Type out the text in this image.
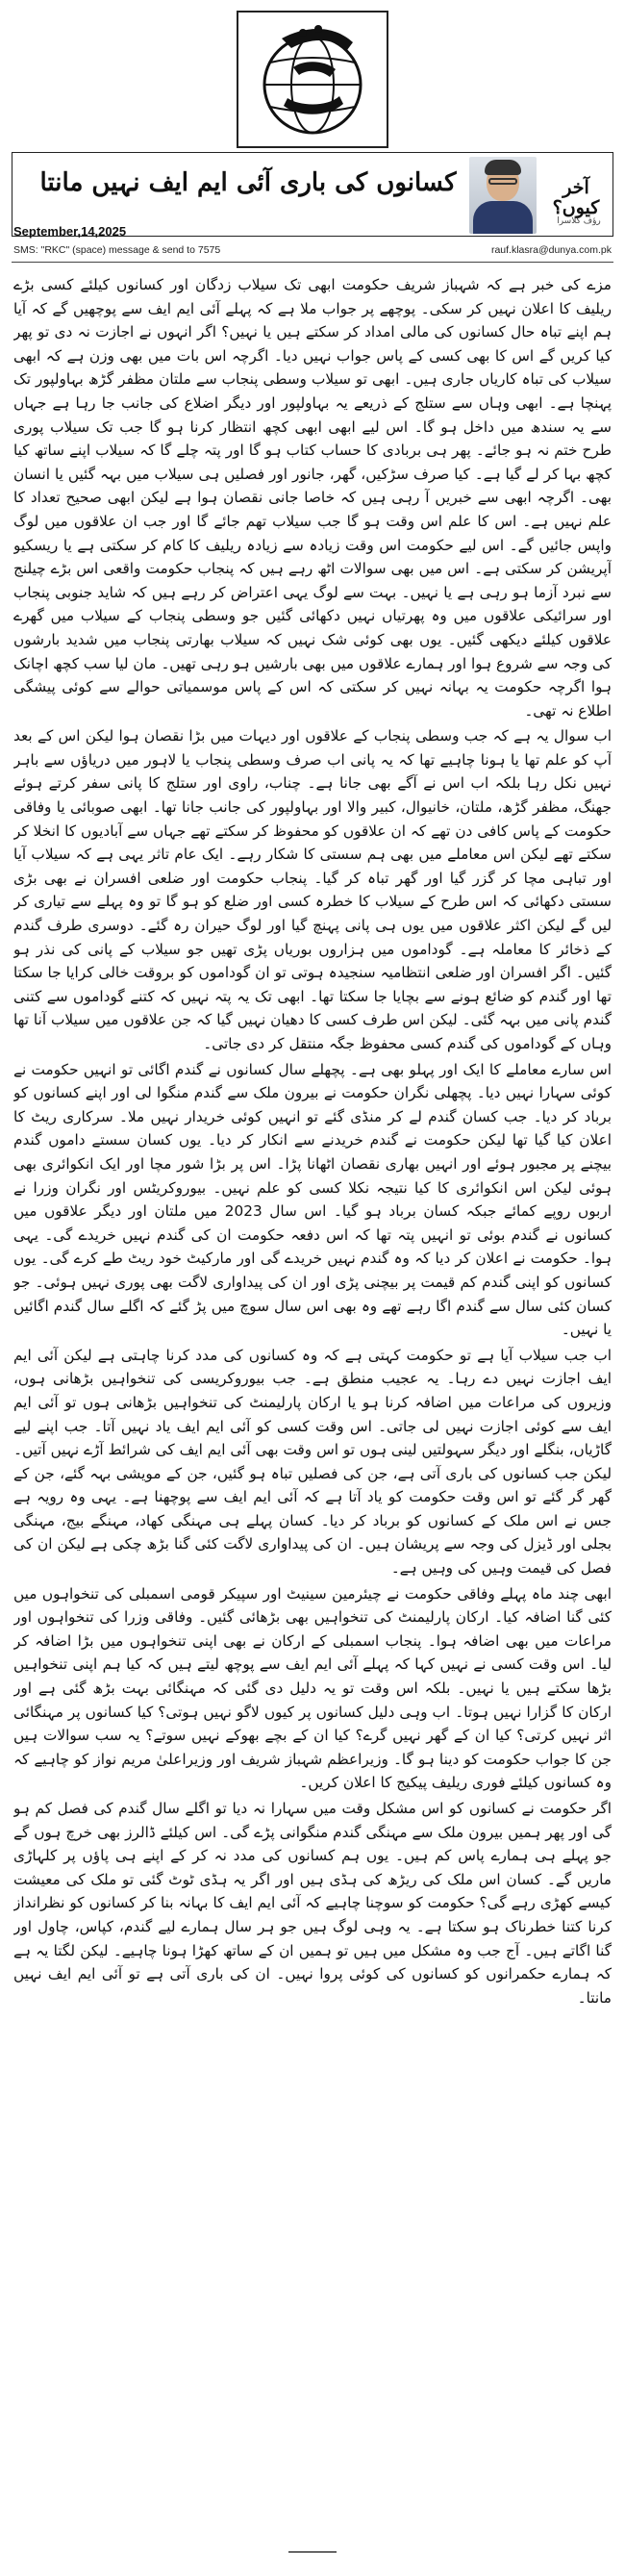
کسانوں کی باری آئی ایم ایف نہیں مانتا	آخر کیوں؟
رؤف کلاسرا
September,14,2025
SMS: "RKC" (space) message & send to 7575	rauf.klasra@dunya.com.pk

مزے کی خبر ہے کہ شہباز شریف حکومت ابھی تک سیلاب زدگان اور کسانوں کیلئے کسی بڑے ریلیف کا اعلان نہیں کر سکی۔ پوچھے پر جواب ملا ہے کہ پہلے آئی ایم ایف سے پوچھیں گے کہ آیا ہم اپنے تباہ حال کسانوں کی مالی امداد کر سکتے ہیں یا نہیں؟ اگر انہوں نے اجازت نہ دی تو پھر کیا کریں گے اس کا بھی کسی کے پاس جواب نہیں دیا۔ اگرچہ اس بات میں بھی وزن ہے کہ ابھی سیلاب کی تباہ کاریاں جاری ہیں۔ ابھی تو سیلاب وسطی پنجاب سے ملتان مظفر گڑھ بہاولپور تک پہنچا ہے۔ ابھی وہاں سے ستلج کے ذریعے یہ بہاولپور اور دیگر اضلاع کی جانب جا رہا ہے جہاں سے یہ سندھ میں داخل ہو گا۔ اس لیے ابھی ابھی کچھ انتظار کرنا ہو گا جب تک سیلاب پوری طرح ختم نہ ہو جائے۔ پھر ہی بربادی کا حساب کتاب ہو گا اور پتہ چلے گا کہ سیلاب اپنے ساتھ کیا کچھ بہا کر لے گیا ہے۔ کیا صرف سڑکیں، گھر، جانور اور فصلیں ہی سیلاب میں بہہ گئیں یا انسان بھی۔ اگرچہ ابھی سے خبریں آ رہی ہیں کہ خاصا جانی نقصان ہوا ہے لیکن ابھی صحیح تعداد کا علم نہیں ہے۔ اس کا علم اس وقت ہو گا جب سیلاب تھم جائے گا اور جب ان علاقوں میں لوگ واپس جائیں گے۔ اس لیے حکومت اس وقت زیادہ سے زیادہ ریلیف کا کام کر سکتی ہے یا ریسکیو آپریشن کر سکتی ہے۔ اس میں بھی سوالات اٹھ رہے ہیں کہ پنجاب حکومت واقعی اس بڑے چیلنج سے نبرد آزما ہو رہی ہے یا نہیں۔ بہت سے لوگ یہی اعتراض کر رہے ہیں کہ شاید جنوبی پنجاب اور سرائیکی علاقوں میں وہ پھرتیاں نہیں دکھائی گئیں جو وسطی پنجاب کے سیلاب میں گھرے علاقوں کیلئے دیکھی گئیں۔ یوں بھی کوئی شک نہیں کہ سیلاب بھارتی پنجاب میں شدید بارشوں کی وجہ سے شروع ہوا اور ہمارے علاقوں میں بھی بارشیں ہو رہی تھیں۔ مان لیا سب کچھ اچانک ہوا اگرچہ حکومت یہ بہانہ نہیں کر سکتی کہ اس کے پاس موسمیاتی حوالے سے کوئی پیشگی اطلاع نہ تھی۔

اب سوال یہ ہے کہ جب وسطی پنجاب کے علاقوں اور دیہات میں بڑا نقصان ہوا لیکن اس کے بعد آپ کو علم تھا یا ہونا چاہیے تھا کہ یہ پانی اب صرف وسطی پنجاب یا لاہور میں دریاؤں سے باہر نہیں نکل رہا بلکہ اب اس نے آگے بھی جانا ہے۔ چناب، راوی اور ستلج کا پانی سفر کرتے ہوئے جھنگ، مظفر گڑھ، ملتان، خانیوال، کبیر والا اور بہاولپور کی جانب جانا تھا۔ ابھی صوبائی یا وفاقی حکومت کے پاس کافی دن تھے کہ ان علاقوں کو محفوظ کر سکتے تھے جہاں سے آبادیوں کا انخلا کر سکتے تھے لیکن اس معاملے میں بھی ہم سستی کا شکار رہے۔ ایک عام تاثر یہی ہے کہ سیلاب آیا اور تباہی مچا کر گزر گیا اور گھر تباہ کر گیا۔ پنجاب حکومت اور ضلعی افسران نے بھی بڑی سستی دکھائی کہ اس طرح کے سیلاب کا خطرہ کسی اور ضلع کو ہو گا تو وہ پہلے سے تیاری کر لیں گے لیکن اکثر علاقوں میں یوں ہی پانی پہنچ گیا اور لوگ حیران رہ گئے۔ دوسری طرف گندم کے ذخائر کا معاملہ ہے۔ گوداموں میں ہزاروں بوریاں پڑی تھیں جو سیلاب کے پانی کی نذر ہو گئیں۔ اگر افسران اور ضلعی انتظامیہ سنجیدہ ہوتی تو ان گوداموں کو بروقت خالی کرایا جا سکتا تھا اور گندم کو ضائع ہونے سے بچایا جا سکتا تھا۔ ابھی تک یہ پتہ نہیں کہ کتنے گوداموں سے کتنی گندم پانی میں بہہ گئی۔ لیکن اس طرف کسی کا دھیان نہیں گیا کہ جن علاقوں میں سیلاب آنا تھا وہاں کے گوداموں کی گندم کسی محفوظ جگہ منتقل کر دی جاتی۔

اس سارے معاملے کا ایک اور پہلو بھی ہے۔ پچھلے سال کسانوں نے گندم اگائی تو انہیں حکومت نے کوئی سہارا نہیں دیا۔ پچھلی نگران حکومت نے بیرون ملک سے گندم منگوا لی اور اپنے کسانوں کو برباد کر دیا۔ جب کسان گندم لے کر منڈی گئے تو انہیں کوئی خریدار نہیں ملا۔ سرکاری ریٹ کا اعلان کیا گیا تھا لیکن حکومت نے گندم خریدنے سے انکار کر دیا۔ یوں کسان سستے داموں گندم بیچنے پر مجبور ہوئے اور انہیں بھاری نقصان اٹھانا پڑا۔ اس پر بڑا شور مچا اور ایک انکوائری بھی ہوئی لیکن اس انکوائری کا کیا نتیجہ نکلا کسی کو علم نہیں۔ بیوروکریٹس اور نگران وزرا نے اربوں روپے کمائے جبکہ کسان برباد ہو گیا۔ اس سال 2023 میں ملتان اور دیگر علاقوں میں کسانوں نے گندم بوئی تو انہیں پتہ تھا کہ اس دفعہ حکومت ان کی گندم نہیں خریدے گی۔ یہی ہوا۔ حکومت نے اعلان کر دیا کہ وہ گندم نہیں خریدے گی اور مارکیٹ خود ریٹ طے کرے گی۔ یوں کسانوں کو اپنی گندم کم قیمت پر بیچنی پڑی اور ان کی پیداواری لاگت بھی پوری نہیں ہوئی۔ جو کسان کئی سال سے گندم اگا رہے تھے وہ بھی اس سال سوچ میں پڑ گئے کہ اگلے سال گندم اگائیں یا نہیں۔

اب جب سیلاب آیا ہے تو حکومت کہتی ہے کہ وہ کسانوں کی مدد کرنا چاہتی ہے لیکن آئی ایم ایف اجازت نہیں دے رہا۔ یہ عجیب منطق ہے۔ جب بیوروکریسی کی تنخواہیں بڑھانی ہوں، وزیروں کی مراعات میں اضافہ کرنا ہو یا ارکان پارلیمنٹ کی تنخواہیں بڑھانی ہوں تو آئی ایم ایف سے کوئی اجازت نہیں لی جاتی۔ اس وقت کسی کو آئی ایم ایف یاد نہیں آتا۔ جب اپنے لیے گاڑیاں، بنگلے اور دیگر سہولتیں لینی ہوں تو اس وقت بھی آئی ایم ایف کی شرائط آڑے نہیں آتیں۔ لیکن جب کسانوں کی باری آتی ہے، جن کی فصلیں تباہ ہو گئیں، جن کے مویشی بہہ گئے، جن کے گھر گر گئے تو اس وقت حکومت کو یاد آتا ہے کہ آئی ایم ایف سے پوچھنا ہے۔ یہی وہ رویہ ہے جس نے اس ملک کے کسانوں کو برباد کر دیا۔ کسان پہلے ہی مہنگی کھاد، مہنگے بیج، مہنگی بجلی اور ڈیزل کی وجہ سے پریشان ہیں۔ ان کی پیداواری لاگت کئی گنا بڑھ چکی ہے لیکن ان کی فصل کی قیمت وہیں کی وہیں ہے۔

ابھی چند ماہ پہلے وفاقی حکومت نے چیئرمین سینیٹ اور سپیکر قومی اسمبلی کی تنخواہوں میں کئی گنا اضافہ کیا۔ ارکان پارلیمنٹ کی تنخواہیں بھی بڑھائی گئیں۔ وفاقی وزرا کی تنخواہوں اور مراعات میں بھی اضافہ ہوا۔ پنجاب اسمبلی کے ارکان نے بھی اپنی تنخواہوں میں بڑا اضافہ کر لیا۔ اس وقت کسی نے نہیں کہا کہ پہلے آئی ایم ایف سے پوچھ لیتے ہیں کہ کیا ہم اپنی تنخواہیں بڑھا سکتے ہیں یا نہیں۔ بلکہ اس وقت تو یہ دلیل دی گئی کہ مہنگائی بہت بڑھ گئی ہے اور ارکان کا گزارا نہیں ہوتا۔ اب وہی دلیل کسانوں پر کیوں لاگو نہیں ہوتی؟ کیا کسانوں پر مہنگائی اثر نہیں کرتی؟ کیا ان کے گھر نہیں گرے؟ کیا ان کے بچے بھوکے نہیں سوتے؟ یہ سب سوالات ہیں جن کا جواب حکومت کو دینا ہو گا۔ وزیراعظم شہباز شریف اور وزیراعلیٰ مریم نواز کو چاہیے کہ وہ کسانوں کیلئے فوری ریلیف پیکیج کا اعلان کریں۔

اگر حکومت نے کسانوں کو اس مشکل وقت میں سہارا نہ دیا تو اگلے سال گندم کی فصل کم ہو گی اور پھر ہمیں بیرون ملک سے مہنگی گندم منگوانی پڑے گی۔ اس کیلئے ڈالرز بھی خرچ ہوں گے جو پہلے ہی ہمارے پاس کم ہیں۔ یوں ہم کسانوں کی مدد نہ کر کے اپنے ہی پاؤں پر کلہاڑی ماریں گے۔ کسان اس ملک کی ریڑھ کی ہڈی ہیں اور اگر یہ ہڈی ٹوٹ گئی تو ملک کی معیشت کیسے کھڑی رہے گی؟ حکومت کو سوچنا چاہیے کہ آئی ایم ایف کا بہانہ بنا کر کسانوں کو نظرانداز کرنا کتنا خطرناک ہو سکتا ہے۔ یہ وہی لوگ ہیں جو ہر سال ہمارے لیے گندم، کپاس، چاول اور گنا اگاتے ہیں۔ آج جب وہ مشکل میں ہیں تو ہمیں ان کے ساتھ کھڑا ہونا چاہیے۔ لیکن لگتا یہ ہے کہ ہمارے حکمرانوں کو کسانوں کی کوئی پروا نہیں۔ ان کی باری آتی ہے تو آئی ایم ایف نہیں مانتا۔
